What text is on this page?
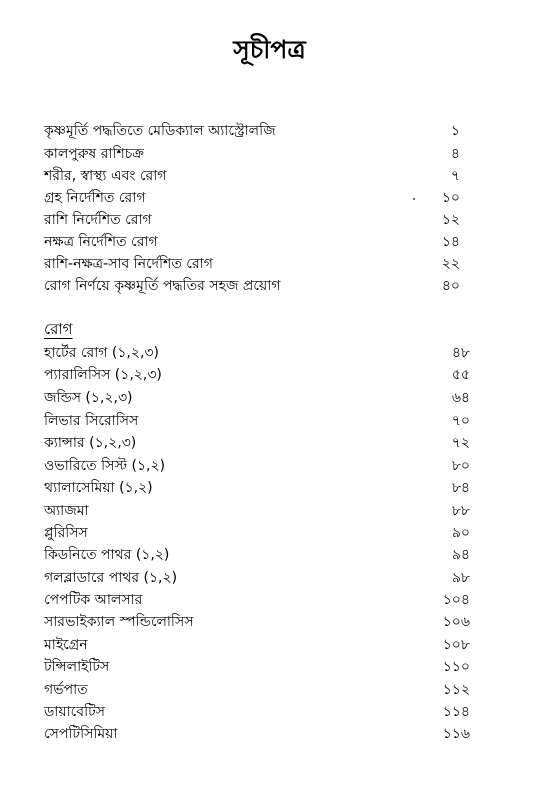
সূচীপত্র
কৃষ্ণমূর্তি পদ্ধতিতে মেডিক্যাল অ্যাস্ট্রোলজি	১
কালপুরুষ রাশিচক্র	৪
শরীর, স্বাস্থ্য এবং রোগ	৭
গ্রহ নির্দেশিত রোগ	১০
রাশি নির্দেশিত রোগ	১২
নক্ষত্র নির্দেশিত রোগ	১৪
রাশি-নক্ষত্র-সাব নির্দেশিত রোগ	২২
রোগ নির্ণয়ে কৃষ্ণমূর্তি পদ্ধতির সহজ প্রয়োগ	৪০
রোগ
হার্টের রোগ (১,২,৩)	৪৮
প্যারালিসিস (১,২,৩)	৫৫
জন্ডিস (১,২,৩)	৬৪
লিভার সিরোসিস	৭০
ক্যান্সার (১,২,৩)	৭২
ওভারিতে সিস্ট (১,২)	৮০
থ্যালাসেমিয়া (১,২)	৮৪
অ্যাজমা	৮৮
প্লুরিসিস	৯০
কিডনিতে পাথর (১,২)	৯৪
গলব্লাডারে পাথর (১,২)	৯৮
পেপটিক আলসার	১০৪
সারভাইক্যাল স্পন্ডিলোসিস	১০৬
মাইগ্রেন	১০৮
টন্সিলাইটিস	১১০
গর্ভপাত	১১২
ডায়াবেটিস	১১৪
সেপটিসিমিয়া	১১৬
